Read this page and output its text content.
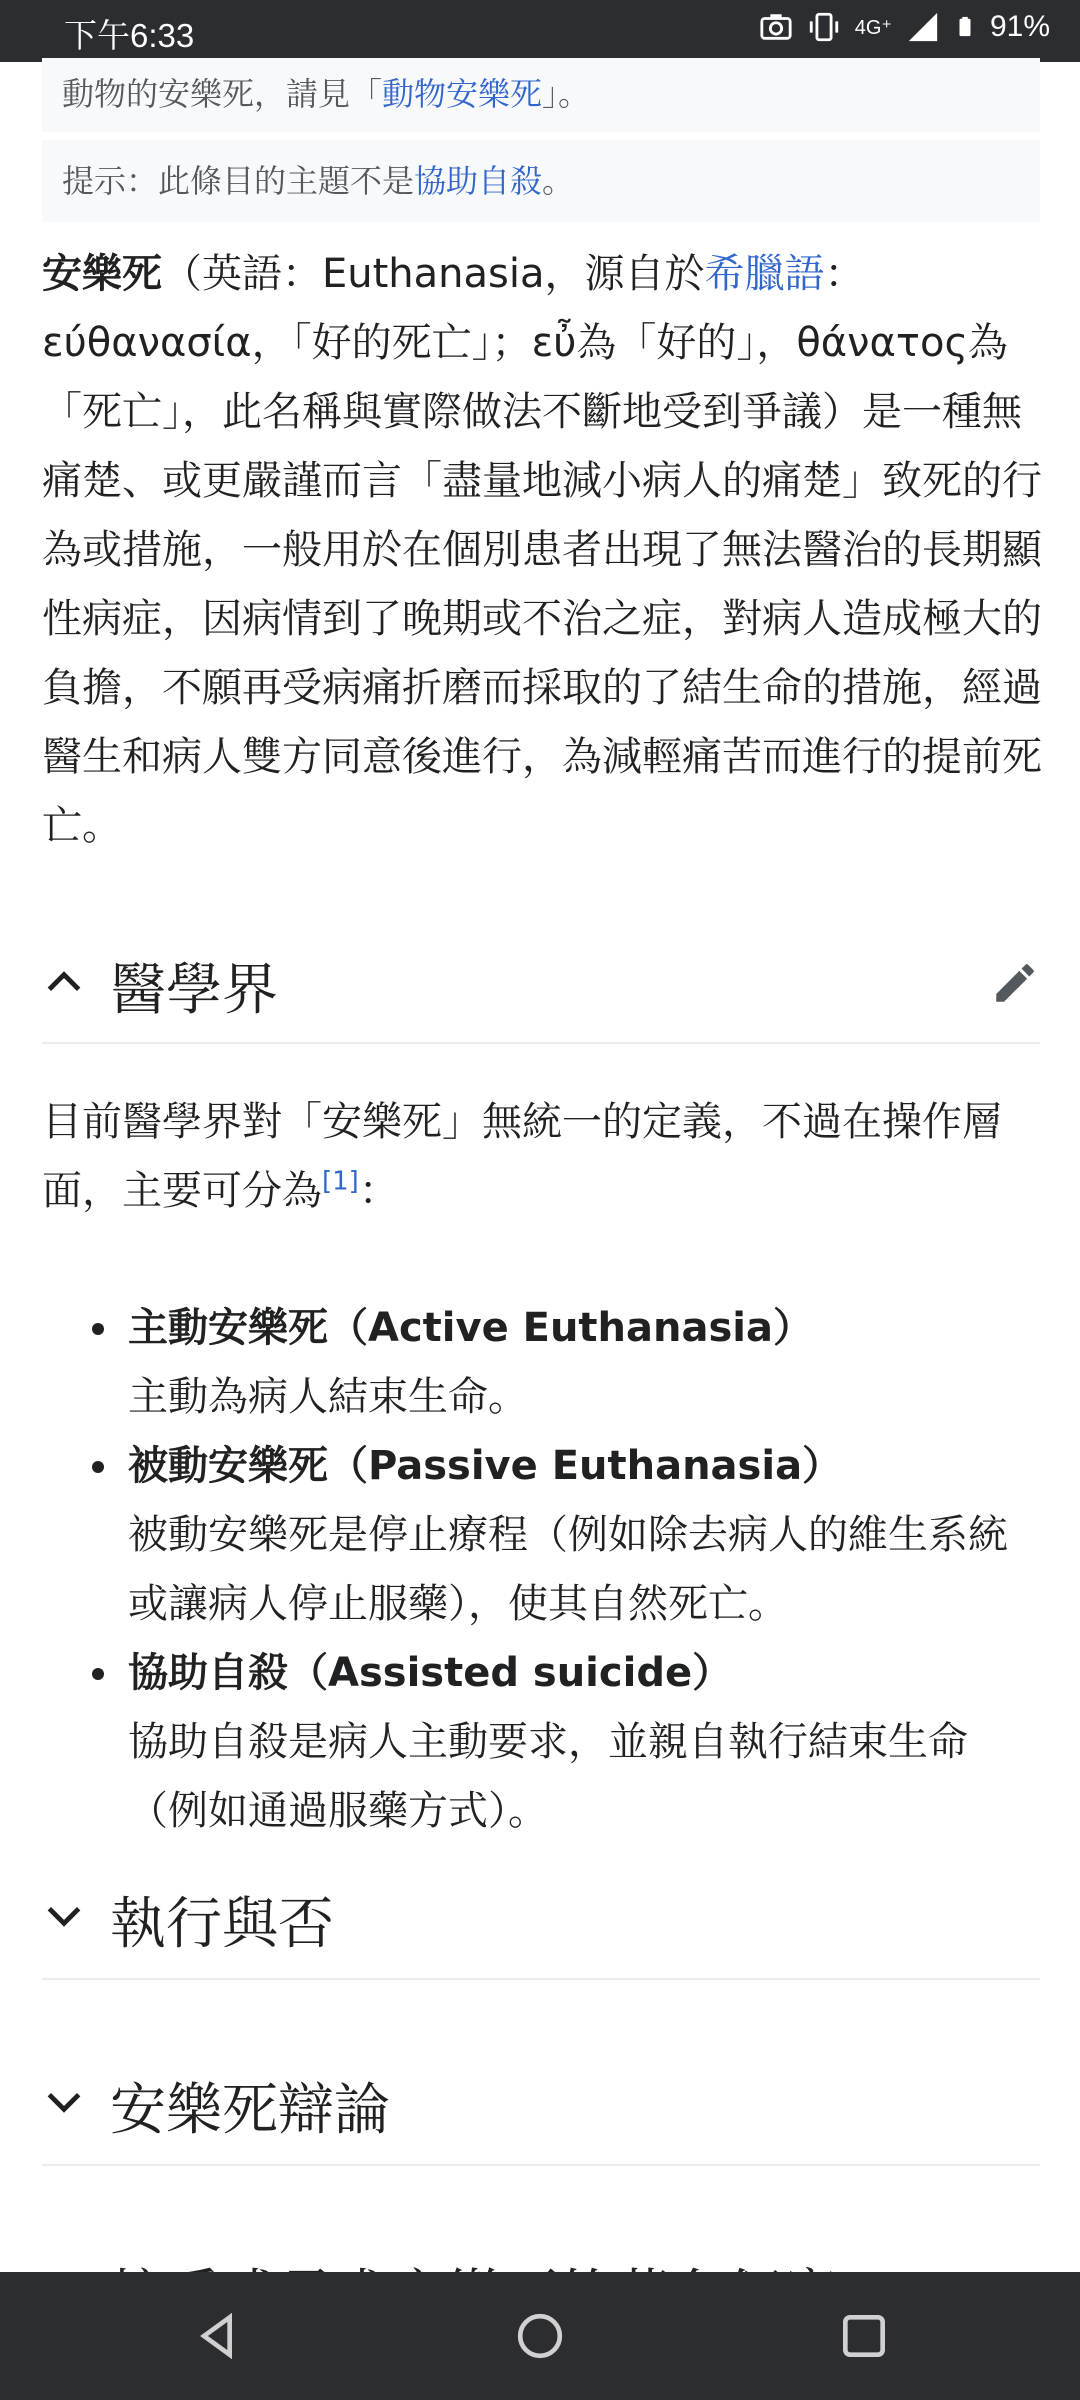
下午6:33	4G⁺	91%
動物的安樂死，請見「動物安樂死」。
提示：此條目的主題不是協助自殺。

安樂死（英語：Euthanasia，源自於希臘語：εύθανασία，「好的死亡」；εὖ為「好的」，θάνατος為「死亡」，此名稱與實際做法不斷地受到爭議）是一種無痛楚、或更嚴謹而言「盡量地減小病人的痛楚」致死的行為或措施，一般用於在個別患者出現了無法醫治的長期顯性病症，因病情到了晚期或不治之症，對病人造成極大的負擔，不願再受病痛折磨而採取的了結生命的措施，經過醫生和病人雙方同意後進行，為減輕痛苦而進行的提前死亡。

醫學界

目前醫學界對「安樂死」無統一的定義，不過在操作層面，主要可分為[1]：

主動安樂死（Active Euthanasia）
主動為病人結束生命。
被動安樂死（Passive Euthanasia）
被動安樂死是停止療程（例如除去病人的維生系統或讓病人停止服藥），使其自然死亡。
協助自殺（Assisted suicide）
協助自殺是病人主動要求，並親自執行結束生命（例如通過服藥方式）。
執行與否
安樂死辯論
